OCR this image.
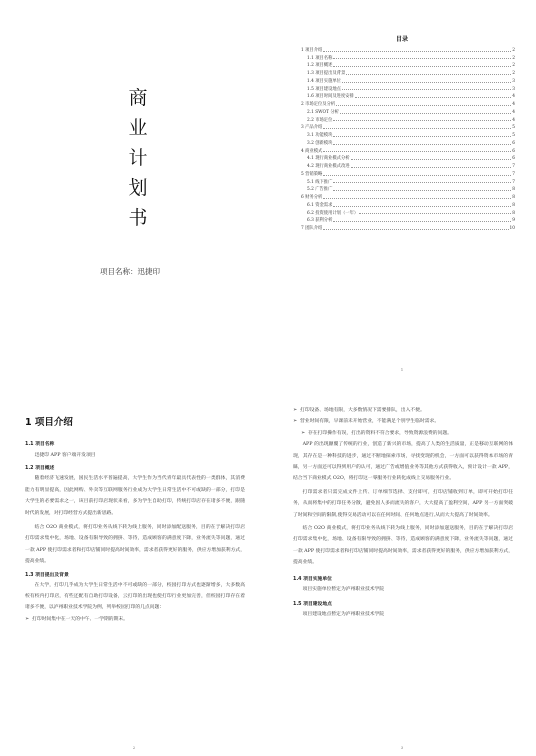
商
业
计
划
书
项目名称：迅捷印
目录
1 项目介绍	2
1.1 项目名称	2
1.2 项目概述	2
1.3 项目提出及背景	2
1.4 项目实施单位	3
1.5 项目建设地点	3
1.6 项目时间及进度安排	4
2 市场定位及分析	4
2.1 SWOT 分析	4
2.2 市场定位	4
3 产品介绍	5
3.1 功能模块	5
3.2 创新模块	6
4 商业模式	6
4.1 现行商业模式分析	6
4.2 现行商业模式改进	7
5 营销策略	7
5.1 线下推广	7
5.2 广告推广	8
6 财务分析	8
6.1 资金需求	8
6.2 投资使用计划（一年）	8
6.3 获利分析	9
7 团队介绍	10
1

1 项目介绍

1.1 项目名称

迅捷印 APP 客户端开发项目

1.2 项目概述

随着经济飞速发展，国民生活水平普遍提高，大学生作为当代青年最具代表性的一类群体，其消费能力有明显提高，因此网购、外卖等互联网服务行业成为大学生日常生活中不可或缺的一部分，打印是大学生的必要需求之一，该目前打印店现状来看，多为学生自助打印，传统打印店存在诸多不便，跟随时代的发展，对打印经营方式提出新思路。

结合 O2O 商业模式，将打印业务从线下转为线上服务，同时添加配送服务，目的在于解决打印店打印需求集中化，场地、设备有限导致的拥挤、等待，造成顾客的满意度下降，业务流失等问题，通过一款 APP 使打印需求者和打印店铺同时提高时间效率，需求者获得更好的服务，供应方增加获利方式，提高业绩。

1.3 项目提出及背景

在大学，打印几乎成为大学生日常生活中不可或缺的一部分，校园打印方式也逐渐增多，大多数高校有校内打印店，有些还配有自助打印设备，云打印的出现也使打印行业更加完善，但校园打印存在着诸多不便，以泸州职业技术学院为例，列举校园打印的几点问题：

➢ 打印时间集中在一天的中午、一学期的期末。

2

➢ 打印设备、场地有限，大多数情况下需要排队，出入不便。

➢ 营业时间有限，早课前未开始营业，不能满足个别学生临时需求。

➢ 存在打印操作有误，打出的资料不符合要求，导致资源浪费的问题。

APP 的出现颠覆了传统的行业，创造了新兴的市场，提高了人类的生活质量，正是移动互联网的体现，其存在是一种科技的进步，通过不断地探索市场，寻找变现的机会，一方面可以获得资本市场的青睐，另一方面还可以得到用户的认可，通过广告或增值业务等其他方式获得收入，预计设计一款 APP，结合当下商业模式 O2O，将打印这一零服务行业转化成线上交易服务行业。

打印需求者只需完成文件上传、订单细节选择、支付即可，打印店铺收到订单，即可开始打印任务，从而将集中的打印任务分散，避免因人多而流失的客户，大大提高了盈利空间，APP 另一方面突破了时间和空间的限制,使得交易活动可以在任何时间、任何地点进行,从而大大提高了时间效率。

结合 O2O 商业模式，将打印业务从线下转为线上服务，同时添加递送服务，目的在于解决打印店打印需求集中化，场地、设备有限导致的拥挤、等待，造成顾客的满意度下降，业务流失等问题，通过一款 APP 使打印需求者和打印店铺同时提高时间效率，需求者获得更好的服务，供应方增加获利方式，提高业绩。

1.4 项目实施单位

项目实施单位暂定为泸州职业技术学院

1.5 项目建设地点

项目建设地点暂定为泸州职业技术学院

3
